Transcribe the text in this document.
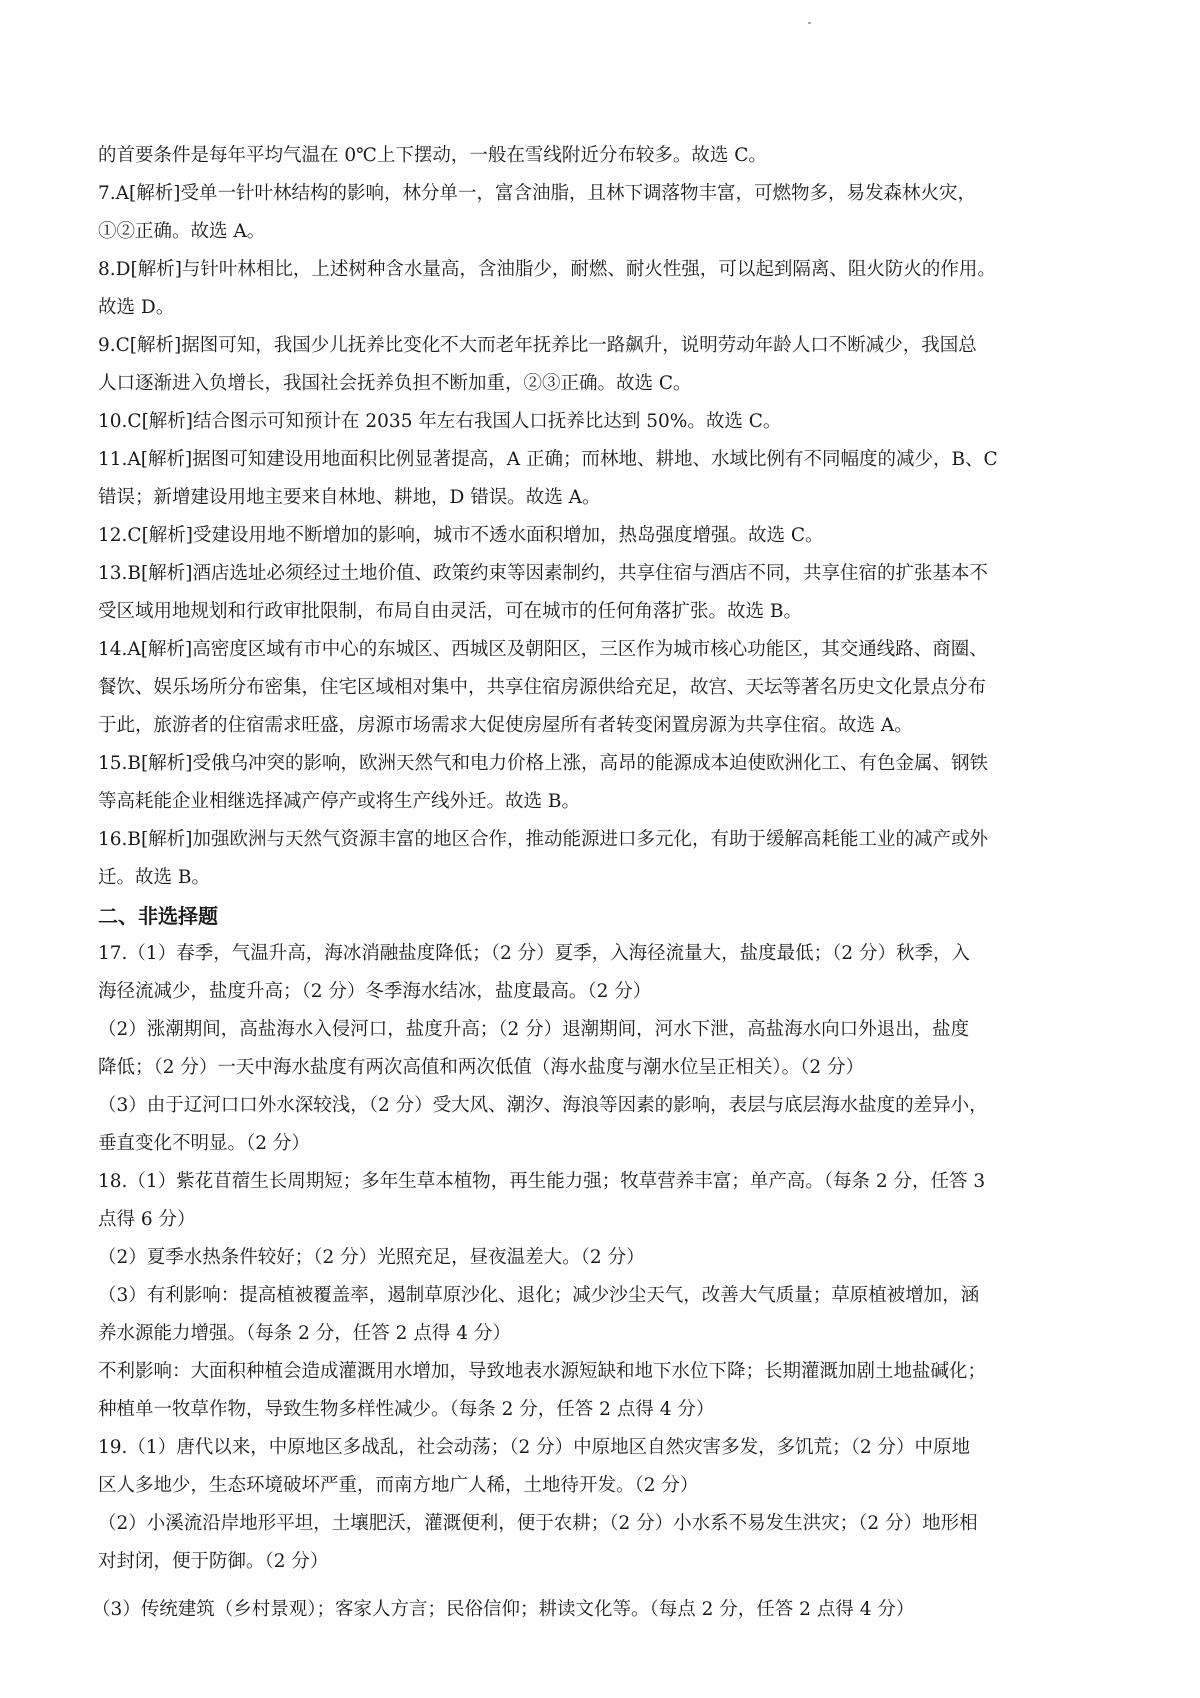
的首要条件是每年平均气温在 0℃上下摆动，一般在雪线附近分布较多。故选 C。
7.A[解析]受单一针叶林结构的影响，林分单一，富含油脂，且林下调落物丰富，可燃物多，易发森林火灾，
①②正确。故选 A。
8.D[解析]与针叶林相比，上述树种含水量高，含油脂少，耐燃、耐火性强，可以起到隔离、阻火防火的作用。
故选 D。
9.C[解析]据图可知，我国少儿抚养比变化不大而老年抚养比一路飙升，说明劳动年龄人口不断减少，我国总
人口逐渐进入负增长，我国社会抚养负担不断加重，②③正确。故选 C。
10.C[解析]结合图示可知预计在 2035 年左右我国人口抚养比达到 50%。故选 C。
11.A[解析]据图可知建设用地面积比例显著提高，A 正确；而林地、耕地、水域比例有不同幅度的减少，B、C
错误；新增建设用地主要来自林地、耕地，D 错误。故选 A。
12.C[解析]受建设用地不断增加的影响，城市不透水面积增加，热岛强度增强。故选 C。
13.B[解析]酒店选址必须经过土地价值、政策约束等因素制约，共享住宿与酒店不同，共享住宿的扩张基本不
受区域用地规划和行政审批限制，布局自由灵活，可在城市的任何角落扩张。故选 B。
14.A[解析]高密度区域有市中心的东城区、西城区及朝阳区，三区作为城市核心功能区，其交通线路、商圈、
餐饮、娱乐场所分布密集，住宅区域相对集中，共享住宿房源供给充足，故宫、天坛等著名历史文化景点分布
于此，旅游者的住宿需求旺盛，房源市场需求大促使房屋所有者转变闲置房源为共享住宿。故选 A。
15.B[解析]受俄乌冲突的影响，欧洲天然气和电力价格上涨，高昂的能源成本迫使欧洲化工、有色金属、钢铁
等高耗能企业相继选择减产停产或将生产线外迁。故选 B。
16.B[解析]加强欧洲与天然气资源丰富的地区合作，推动能源进口多元化，有助于缓解高耗能工业的减产或外
迁。故选 B。
二、非选择题
17.（1）春季，气温升高，海冰消融盐度降低；（2 分）夏季，入海径流量大，盐度最低；（2 分）秋季，入
海径流减少，盐度升高；（2 分）冬季海水结冰，盐度最高。（2 分）
（2）涨潮期间，高盐海水入侵河口，盐度升高；（2 分）退潮期间，河水下泄，高盐海水向口外退出，盐度
降低；（2 分）一天中海水盐度有两次高值和两次低值（海水盐度与潮水位呈正相关）。（2 分）
（3）由于辽河口口外水深较浅，（2 分）受大风、潮汐、海浪等因素的影响，表层与底层海水盐度的差异小，
垂直变化不明显。（2 分）
18.（1）紫花苜蓿生长周期短；多年生草本植物，再生能力强；牧草营养丰富；单产高。（每条 2 分，任答 3
点得 6 分）
（2）夏季水热条件较好；（2 分）光照充足，昼夜温差大。（2 分）
（3）有利影响：提高植被覆盖率，遏制草原沙化、退化；减少沙尘天气，改善大气质量；草原植被增加，涵
养水源能力增强。（每条 2 分，任答 2 点得 4 分）
不利影响：大面积种植会造成灌溉用水增加，导致地表水源短缺和地下水位下降；长期灌溉加剧土地盐碱化；
种植单一牧草作物，导致生物多样性减少。（每条 2 分，任答 2 点得 4 分）
19.（1）唐代以来，中原地区多战乱，社会动荡；（2 分）中原地区自然灾害多发，多饥荒；（2 分）中原地
区人多地少，生态环境破坏严重，而南方地广人稀，土地待开发。（2 分）
（2）小溪流沿岸地形平坦，土壤肥沃，灌溉便利，便于农耕；（2 分）小水系不易发生洪灾；（2 分）地形相
对封闭，便于防御。（2 分）
（3）传统建筑（乡村景观）；客家人方言；民俗信仰；耕读文化等。（每点 2 分，任答 2 点得 4 分）
